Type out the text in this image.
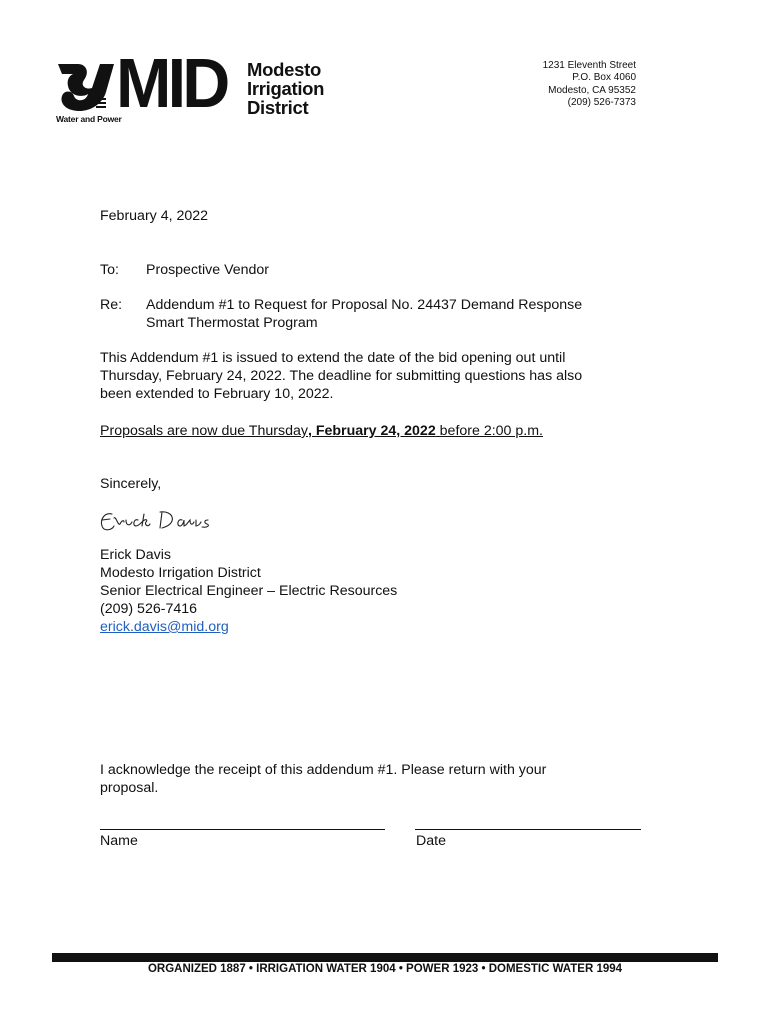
MID Modesto
Irrigation
District
Water and Power
1231 Eleventh Street
P.O. Box 4060
Modesto, CA 95352
(209) 526-7373
February 4, 2022
To: Prospective Vendor
Re: Addendum #1 to Request for Proposal No. 24437 Demand Response
Smart Thermostat Program
This Addendum #1 is issued to extend the date of the bid opening out until
Thursday, February 24, 2022. The deadline for submitting questions has also
been extended to February 10, 2022.
Proposals are now due Thursday, February 24, 2022 before 2:00 p.m.
Sincerely,
Erick Davis
Modesto Irrigation District
Senior Electrical Engineer – Electric Resources
(209) 526-7416
erick.davis@mid.org
I acknowledge the receipt of this addendum #1. Please return with your
proposal.
Name	Date
ORGANIZED 1887 • IRRIGATION WATER 1904 • POWER 1923 • DOMESTIC WATER 1994
